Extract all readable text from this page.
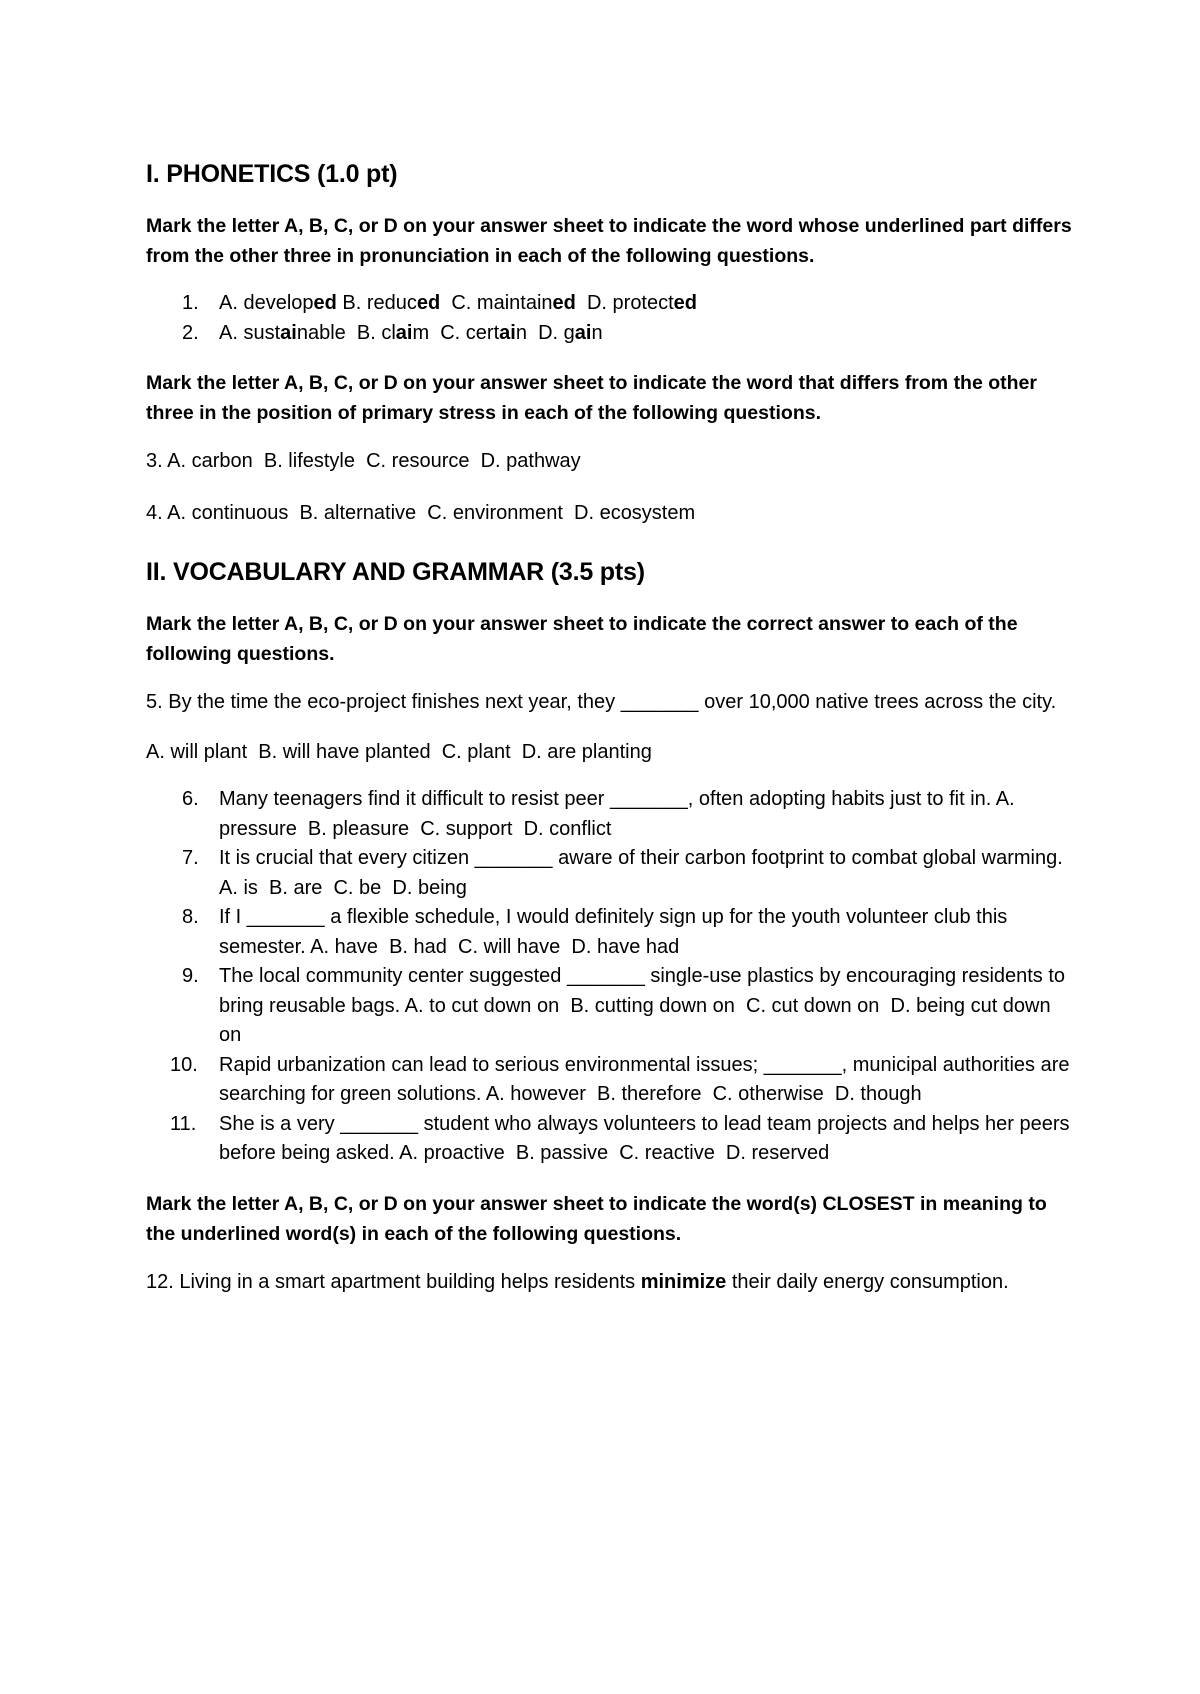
I. PHONETICS (1.0 pt)

Mark the letter A, B, C, or D on your answer sheet to indicate the word whose underlined part differs from the other three in pronunciation in each of the following questions.

1. A. developed B. reduced  C. maintained  D. protected
2. A. sustainable  B. claim  C. certain  D. gain

Mark the letter A, B, C, or D on your answer sheet to indicate the word that differs from the other three in the position of primary stress in each of the following questions.

3. A. carbon  B. lifestyle  C. resource  D. pathway

4. A. continuous  B. alternative  C. environment  D. ecosystem

II. VOCABULARY AND GRAMMAR (3.5 pts)

Mark the letter A, B, C, or D on your answer sheet to indicate the correct answer to each of the following questions.

5. By the time the eco-project finishes next year, they _______ over 10,000 native trees across the city.

A. will plant  B. will have planted  C. plant  D. are planting

6. Many teenagers find it difficult to resist peer _______, often adopting habits just to fit in. A. pressure  B. pleasure  C. support  D. conflict
7. It is crucial that every citizen _______ aware of their carbon footprint to combat global warming. A. is  B. are  C. be  D. being
8. If I _______ a flexible schedule, I would definitely sign up for the youth volunteer club this semester. A. have  B. had  C. will have  D. have had
9. The local community center suggested _______ single-use plastics by encouraging residents to bring reusable bags. A. to cut down on  B. cutting down on  C. cut down on  D. being cut down on
10. Rapid urbanization can lead to serious environmental issues; _______, municipal authorities are searching for green solutions. A. however  B. therefore  C. otherwise  D. though
11. She is a very _______ student who always volunteers to lead team projects and helps her peers before being asked. A. proactive  B. passive  C. reactive  D. reserved

Mark the letter A, B, C, or D on your answer sheet to indicate the word(s) CLOSEST in meaning to the underlined word(s) in each of the following questions.

12. Living in a smart apartment building helps residents minimize their daily energy consumption.
